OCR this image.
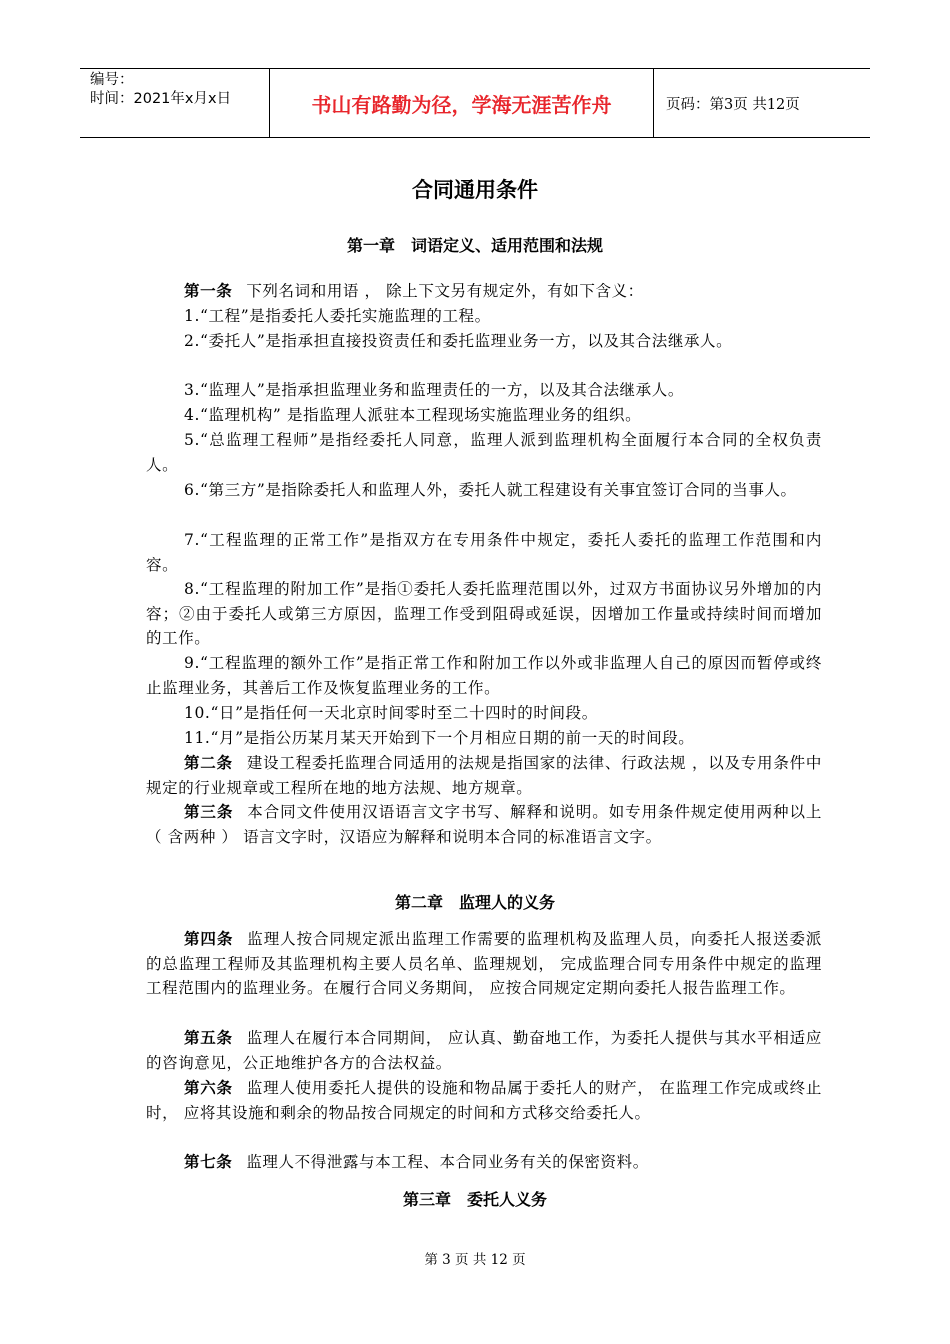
编号：
时间：2021年x月x日	书山有路勤为径，学海无涯苦作舟	页码：第3页 共12页
合同通用条件
第一章 词语定义、适用范围和法规

第一条 下列名词和用语 ， 除上下文另有规定外，有如下含义：

1.“工程”是指委托人委托实施监理的工程。

2.“委托人”是指承担直接投资责任和委托监理业务一方，以及其合法继承人。

3.“监理人”是指承担监理业务和监理责任的一方，以及其合法继承人。

4.“监理机构” 是指监理人派驻本工程现场实施监理业务的组织。

5.“总监理工程师”是指经委托人同意，监理人派到监理机构全面履行本合同的全权负责人。

6.“第三方”是指除委托人和监理人外，委托人就工程建设有关事宜签订合同的当事人。

7.“工程监理的正常工作”是指双方在专用条件中规定，委托人委托的监理工作范围和内容。

8.“工程监理的附加工作”是指①委托人委托监理范围以外，过双方书面协议另外增加的内容；②由于委托人或第三方原因，监理工作受到阻碍或延误，因增加工作量或持续时间而增加的工作。

9.“工程监理的额外工作”是指正常工作和附加工作以外或非监理人自己的原因而暂停或终止监理业务，其善后工作及恢复监理业务的工作。

10.“日”是指任何一天北京时间零时至二十四时的时间段。

11.“月”是指公历某月某天开始到下一个月相应日期的前一天的时间段。

第二条 建设工程委托监理合同适用的法规是指国家的法律、行政法规 ，以及专用条件中规定的行业规章或工程所在地的地方法规、地方规章。

第三条 本合同文件使用汉语语言文字书写、解释和说明。如专用条件规定使用两种以上 （ 含两种 ） 语言文字时，汉语应为解释和说明本合同的标准语言文字。

第二章 监理人的义务

第四条 监理人按合同规定派出监理工作需要的监理机构及监理人员，向委托人报送委派的总监理工程师及其监理机构主要人员名单、监理规划， 完成监理合同专用条件中规定的监理工程范围内的监理业务。在履行合同义务期间， 应按合同规定定期向委托人报告监理工作。

第五条 监理人在履行本合同期间， 应认真、勤奋地工作，为委托人提供与其水平相适应的咨询意见，公正地维护各方的合法权益。

第六条 监理人使用委托人提供的设施和物品属于委托人的财产， 在监理工作完成或终止时， 应将其设施和剩余的物品按合同规定的时间和方式移交给委托人。

第七条 监理人不得泄露与本工程、本合同业务有关的保密资料。

第三章 委托人义务
第 3 页 共 12 页
